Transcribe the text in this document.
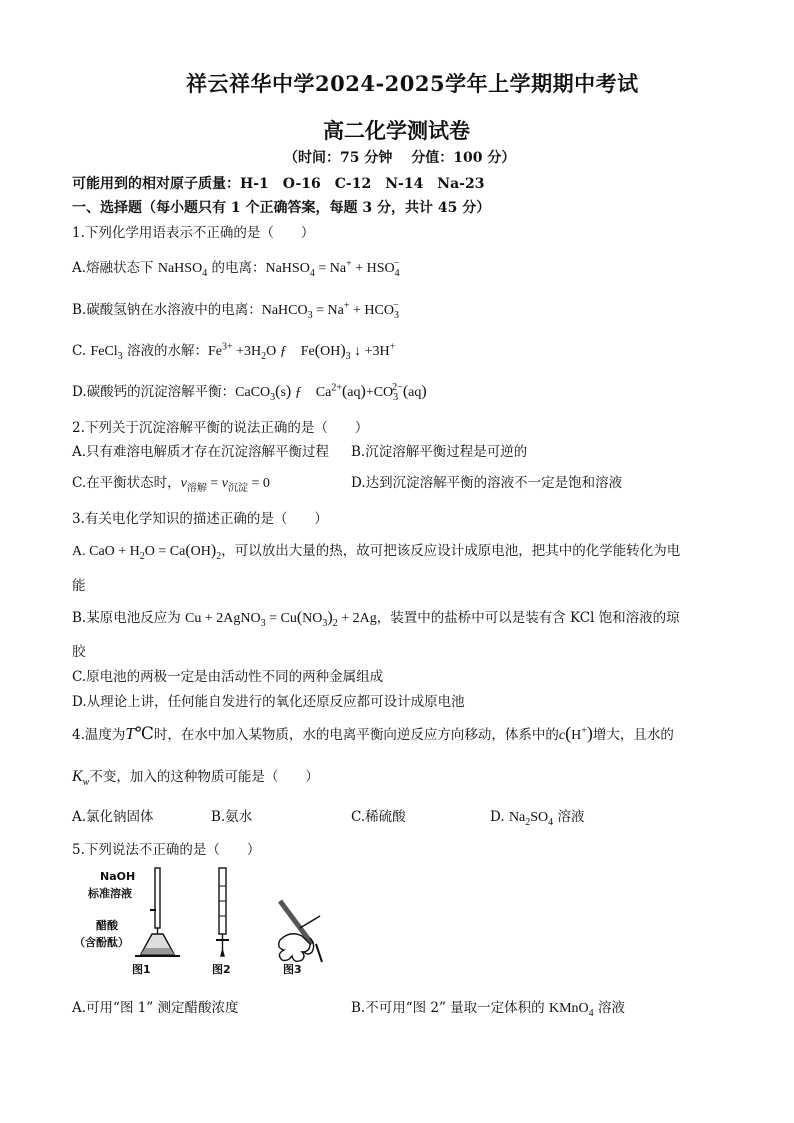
祥云祥华中学2024-2025学年上学期期中考试
高二化学测试卷
（时间：75 分钟　 分值：100 分）
可能用到的相对原子质量：H-1　O-16　C-12　N-14　Na-23
一、选择题（每小题只有 1 个正确答案，每题 3 分，共计 45 分）
1.下列化学用语表示不正确的是（　　）
A.熔融状态下 NaHSO$_4$ 的电离：NaHSO$_4$ = $Na^+ + HSO_4^-$
B.碳酸氢钠在水溶液中的电离：NaHCO$_3$ = $Na^+ + HCO_3^-$
C. FeCl$_3$ 溶液的水解：$Fe^{3+} +3H_2O$ ƒ　$Fe(OH)_3$ ↓ +3H+
D.碳酸钙的沉淀溶解平衡：CaCO$_3$(s) ƒ　$Ca^{2+}(aq)+CO_3^{2-}(aq)$
2.下列关于沉淀溶解平衡的说法正确的是（　　）
A.只有难溶电解质才存在沉淀溶解平衡过程 B.沉淀溶解平衡过程是可逆的
C.在平衡状态时，$v_{溶解} = v_{沉淀} = 0$	D.达到沉淀溶解平衡的溶液不一定是饱和溶液
3.有关电化学知识的描述正确的是（　　）
A. CaO + $H_2O = Ca(OH)_2$，可以放出大量的热，故可把该反应设计成原电池，把其中的化学能转化为电
能
B.某原电池反应为 Cu + 2AgNO$_3$ = $Cu(NO_3)_2 + 2Ag$，装置中的盐桥中可以是装有含 KCl 饱和溶液的琼
胶
C.原电池的两极一定是由活动性不同的两种金属组成
D.从理论上讲，任何能自发进行的氧化还原反应都可设计成原电池
4.温度为T℃时，在水中加入某物质，水的电离平衡向逆反应方向移动，体系中的c(H+)增大，且水的
$K_w$不变，加入的这种物质可能是（　　）
A.氯化钠固体	B.氨水	C.稀硫酸	D. $Na_2SO_4$ 溶液
5.下列说法不正确的是（　　）
NaOH
标准溶液
醋酸
（含酚酞）
图1	图2	图3
A.可用“图 1” 测定醋酸浓度	B.不可用“图 2” 量取一定体积的 KMnO$_4$ 溶液
